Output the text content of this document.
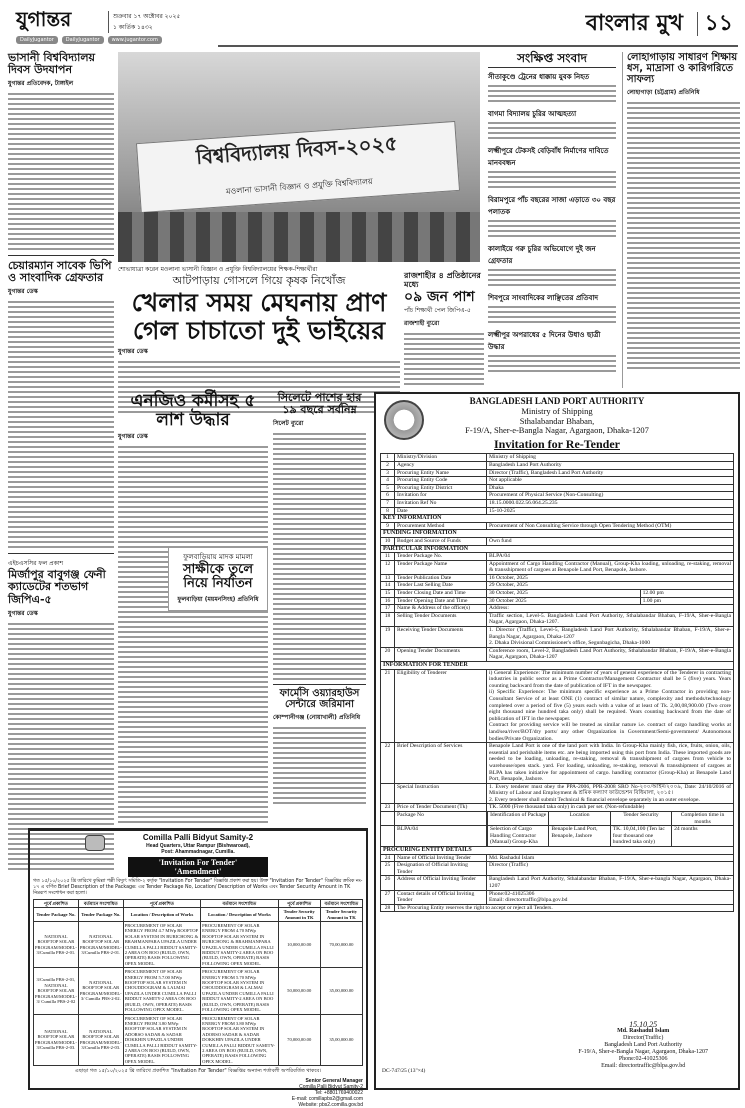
যুগান্তর	শুক্রবার ১৭ অক্টোবর ২০২৫
১ কার্তিক ১৪৩২
DailyJugantor	DailyJugantor	www.jugantor.com
বাংলার মুখ ১১
ভাসানী বিশ্ববিদ্যালয় দিবস উদযাপন
যুগান্তর প্রতিবেদক, টাঙ্গাইল
চেয়ারম্যান সাবেক ভিপি ও সাংবাদিক গ্রেফতার
যুগান্তর ডেস্ক
এইচএসসির ফল প্রকাশ
মির্জাপুর বাবুগঞ্জ ফেনী ক্যাডেটের শতভাগ জিপিএ-৫
যুগান্তর ডেস্ক
বিশ্ববিদ্যালয় দিবস-২০২৫
মওলানা ভাসানী বিজ্ঞান ও প্রযুক্তি বিশ্ববিদ্যালয়
শোভাযাত্রা করেন মওলানা ভাসানী বিজ্ঞান ও প্রযুক্তি বিশ্ববিদ্যালয়ের শিক্ষক-শিক্ষার্থীরা
আটপাড়ায় গোসলে গিয়ে কৃষক নিখোঁজ
খেলার সময় মেঘনায় প্রাণ গেল চাচাতো দুই ভাইয়ের
যুগান্তর ডেস্ক
রাজশাহীর ৪ প্রতিষ্ঠানের মধ্যে
০৯ জন পাশ
পাঁচ শিক্ষার্থী পেল জিপিএ-৫
রাজশাহী ব্যুরো
সংক্ষিপ্ত সংবাদ
সীতাকুণ্ডে ট্রেনের ধাক্কায় যুবক নিহত
বাগমা বিদ্যালয় চুরির আত্মহত্যা
লক্ষ্মীপুরে টেকসই বেড়িবাঁধ নির্মাণের দাবিতে মানববন্ধন
বিরামপুরে পাঁচ বছরের সাজা এড়াতে ৩০ বছর পলাতক
কালাইয়ে গরু চুরির অভিযোগে দুই জন গ্রেফতার
শিবপুরে সাংবাদিকের লাঞ্ছিতের প্রতিবাদ
লক্ষ্মীপুর অপরাধের ৫ দিনের উধাও ছাত্রী উদ্ধার
লোহাগাড়ায় সাধারণ শিক্ষায় ধস, মাদ্রাসা ও কারিগরিতে সাফল্য
লোহাগাড়া (চট্টগ্রাম) প্রতিনিধি
এনজিও কর্মীসহ ৫ লাশ উদ্ধার
যুগান্তর ডেস্ক
সিলেটে পাশের হার ১৯ বছরে সর্বনিম্ন
সিলেট ব্যুরো
ফার্মেসি ওয়্যারহাউস সেন্টারে জরিমানা
কোম্পানীগঞ্জ (নোয়াখালী) প্রতিনিধি
ফুলবাড়িয়ায় মাদক মামলা
সাক্ষীকে তুলে নিয়ে নির্যাতন
ফুলবাড়িয়া (ময়মনসিংহ) প্রতিনিধি
BANGLADESH LAND PORT AUTHORITY
Ministry of Shipping
Sthalabandar Bhaban,
F-19/A, Sher-e-Bangla Nagar, Agargaon, Dhaka-1207
Invitation for Re-Tender
1	Ministry/Division	Ministry of Shipping
2	Agency	Bangladesh Land Port Authority
3	Procuring Entity Name	Director (Traffic), Bangladesh Land Port Authority
4	Procuring Entity Code	Not applicable
5	Procuring Entity District	Dhaka
6	Invitation for	Procurement of Physical Service (Non-Consulting)
7	Invitation Ref No	18.15.0000.022.56.064.25.235
8	Date	15-10-2025
KEY INFORMATION
9	Procurement Method	Procurement of Non Consulting Service through Open Tendering Method (OTM)
FUNDING INFORMATION
10	Budget and Source of Funds	Own fund
PARTICULAR INFORMATION
11	Tender Package No.	BLPA/04
12	Tender Package Name	Appointment of Cargo Handling Contractor (Manual), Group-Kha loading, unloading, re-staking, removal & transshipment of cargoes at Benapole Land Port, Benapole, Jashore.
13	Tender Publication Date	16 October, 2025
14	Tender Last Selling Date	29 October, 2025
15	Tender Closing Date and Time	30 October, 2025	12.00 pm
16	Tender Opening Date and Time	30 October 2025	1.00 pm
17	Name & Address of the office(s)	Address:
18	Selling Tender Documents	Traffic section, Level-5. Bangladesh Land Port Authority, Sthalabandar Bhaban, F-19/A, Sher-e-Bangla Nagar, Agargaon, Dhaka-1207.
19	Receiving Tender Documents	1. Director (Traffic), Level-5, Bangladesh Land Port Authority, Sthalabandar Bhaban, F-19/A, Sher-e-Bangla Nagar, Agargaon, Dhaka-1207
2. Dhaka Divisional Commissioner's office, Segunbagicha, Dhaka-1000
20	Opening Tender Documents	Conference room, Level-2, Bangladesh Land Port Authority, Sthalabandar Bhaban, F-19/A, Sher-e-Bangla Nagar, Agargaon, Dhaka-1207
INFORMATION FOR TENDER
21	Eligibility of Tenderer	i) General Experience: The minimum number of years of general experience of the Tenderer in contracting industries in public sector as a Prime Contractor/Management Contractor shall be 5 (five) years. Years counting backward from the date of publication of IFT in the newspaper.
ii) Specific Experience: The minimum specific experience as a Prime Contractor in providing non-Consultant Service of at least ONE (1) contract of similar nature, complexity and methods/technology completed over a period of five (5) years each with a value of at least of Tk. 2,00,08,900.00 (Two crore eight thousand nine hundred taka only) shall be required. Years counting backward from the date of publication of IFT in the newspaper.
Contract for providing service will be treated as similar nature i.e. contract of cargo handling works at land/sea/river/BOT/dry ports/ any other Organization in Government/Semi-government/ Autonomous bodies/Private Organization.
22	Brief Description of Services	Benapole Land Port is one of the land port with India. In Group-Kha mainly fish, rice, fruits, onion, oils, essential and perishable items etc. are being imported using this port from India. These imported goods are needed to be loading, unloading, re-staking, removal & transshipment of cargoes from vehicle to warehouse/open stack. yard. For loading, unloading, re-staking, removal & transshipment of cargoes at BLPA has taken initiative for appointment of cargo. handling contractor (Group-Kha) at Benapole Land Port, Benapole, Jashore.
	Special Instruction	1. Every tenderer must obey the PPA-2006, PPR-2008 SRO No-২০০/আইন/২০০৯, Date: 24/10/2016 of Ministry of Labour and Employment & শ্রমিক কল্যাণ ফাউন্ডেশন বিধিমালা, ২০১৫।
2. Every tenderer shall submit Technical & financial envelope separately in an outer envelope.
23	Price of Tender Document (Tk)	TK. 5000 (Five thousand taka only) in cash per set. (Non-refundable)
	Package No		Identification of Package	Location	Tender Security	Completion time in months

	BLPA/04		Selection of Cargo Handling Contractor (Manual) Group-Kha	Benapole Land Port, Benapole, Jashore	TK. 10,04,100 (Ten lac four thousand one hundred taka only)	24 months

PROCURING ENTITY DETAILS
24	Name of Official Inviting Tender	Md. Rashadul Islam
25	Designation of Official Inviting Tender	Director (Traffic)
26	Address of Official Inviting Tender	Bangladesh Land Port Authority, Sthalabandar Bhaban, F-19/A, Sher-e-bangla Nagar, Agargaon, Dhaka-1207
27	Contact details of Official Inviting Tender	Phone:02-41025306
Email: directortraffic@blpa.gov.bd
28	The Procuring Entity reserves the right to accept or reject all Tenders.
15.10.25
Md. Rashadul Islam
Director(Traffic)
Bangladesh Land Port Authority
F-19/A, Sher-e-Bangla Nagar, Agargaon, Dhaka-1207
Phone:02-41025306
Email: directortraffic@blpa.gov.bd
DC-747/25 (13"×4)
Comilla Palli Bidyut Samity-2
Head Quarters, Uttar Rampur (Bishwaroad),
Post: Ahammadnagar, Cumilla.
'Invitation For Tender'
'Amendment'
গত ১৫/১০/২০২৫ খ্রি তারিখে কুমিল্লা পল্লী বিদ্যুৎ সমিতি-২ কর্তৃক "Invitation For Tender" বিজ্ঞপ্তি প্রকাশ করা হয়। উক্ত "Invitation For Tender" বিজ্ঞপ্তির ক্রমিক নং- ১৭ এ বর্ণিত Brief Description of the Package: এর Tender Package No, Location/ Description of Works এবং Tender Security Amount in TK নিম্নরূপ সংশোধন করা হলো।
পূর্বে প্রকাশিত	বর্তমানে সংশোধিত	পূর্বে প্রকাশিত	বর্তমানে সংশোধিত	পূর্বে প্রকাশিত	বর্তমানে সংশোধিত
Tender Package No.	Tender Package No.	Location / Description of Works	Location / Description of Works	Tender Security Amount in TK	Tender Security Amount in TK
NATIONAL ROOFTOP SOLAR PROGRAM/MODEL-3/Cumilla PBS-2-01.	NATIONAL ROOFTOP SOLAR PROGRAM/MODEL-3/Cumilla PBS-2-01.	PROCUREMENT OF SOLAR ENERGY FROM 4.7 MWp ROOFTOP SOLAR SYSTEM IN BURICHONG & BRAHMANPARA UPAZILA UNDER CUMILLA PALLI BIDDUT SAMITY-2 AREA ON BOO (BUILD, OWN, OPERATE) BASIS FOLLOWING OPEX MODEL.	PROCUREMENT OF SOLAR ENERGY FROM 4.70 MWp ROOFTOP SOLAR SYSTEM IN BURICHONG & BRAHMANPARA UPAZILA UNDER CUMILLA PALLI BIDDUT SAMITY-2 AREA ON BOO (BUILD, OWN, OPERATE) BASIS FOLLOWING OPEX MODEL.	10,000,00.00	70,00,000.00
3/Cumilla PBS-2-01, NATIONAL ROOFTOP SOLAR PROGRAM/MODEL-3/ Cumilla PBS-2-02	NATIONAL ROOFTOP SOLAR PROGRAM/MODEL-3/ Cumilla PBS-2-02.	PROCUREMENT OF SOLAR ENERGY FROM 5.7.00 MWp ROOFTOP SOLAR SYSTEM IN CHOUDDOGRAM & LALMAI UPAZILA UNDER CUMILLA PALLI BIDDUT SAMITY-2 AREA ON BOO (BUILD, OWN, OPERATE) BASIS FOLLOWING OPEX MODEL.	PROCUREMENT OF SOLAR ENERGY FROM 5.70 MWp ROOFTOP SOLAR SYSTEM IN CHOUDDOGRAM & LALMAI UPAZILA UNDER CUMILLA PALLI BIDDUT SAMITY-2 AREA ON BOO (BUILD, OWN, OPERATE) BASIS FOLLOWING OPEX MODEL.	50,000,00.00	35,00,000.00
NATIONAL ROOFTOP SOLAR PROGRAM/MODEL-3/Cumilla PBS-2-03.	NATIONAL ROOFTOP SOLAR PROGRAM/MODEL-3/Cumilla PBS-2-03.	PROCUREMENT OF SOLAR ENERGY FROM 3.80 MWp ROOFTOP SOLAR SYSTEM IN ADORSO SADAR & SADAR DOKKHIN UPAZILA UNDER CUMILLA PALLI BIDDUT SAMITY-2 AREA ON BOO (BUILD, OWN, OPERATE) BASIS FOLLOWING OPEX MODEL.	PROCUREMENT OF SOLAR ENERGY FROM 3.80 MWp ROOFTOP SOLAR SYSTEM IN ADORSO SADAR & SADAR DOKKHIN UPAZILA UNDER CUMILLA PALLI BIDDUT SAMITY-2 AREA ON BOO (BUILD, OWN, OPERATE) BASIS FOLLOWING OPEX MODEL.	70,000,00.00	35,00,000.00
এছাড়া গত ১৫/১০/২০২৫ খ্রি তারিখে প্রকাশিত "Invitation For Tender" বিজ্ঞপ্তির অন্যান্য শর্তাবলী অপরিবর্তিত থাকবে।
Senior General Manager
Comilla Palli Bidyut Samity-2
Tel: +8801769400022
E-mail: comillapbs2@gmail.com
Website: pbs2.comilla.gov.bd
